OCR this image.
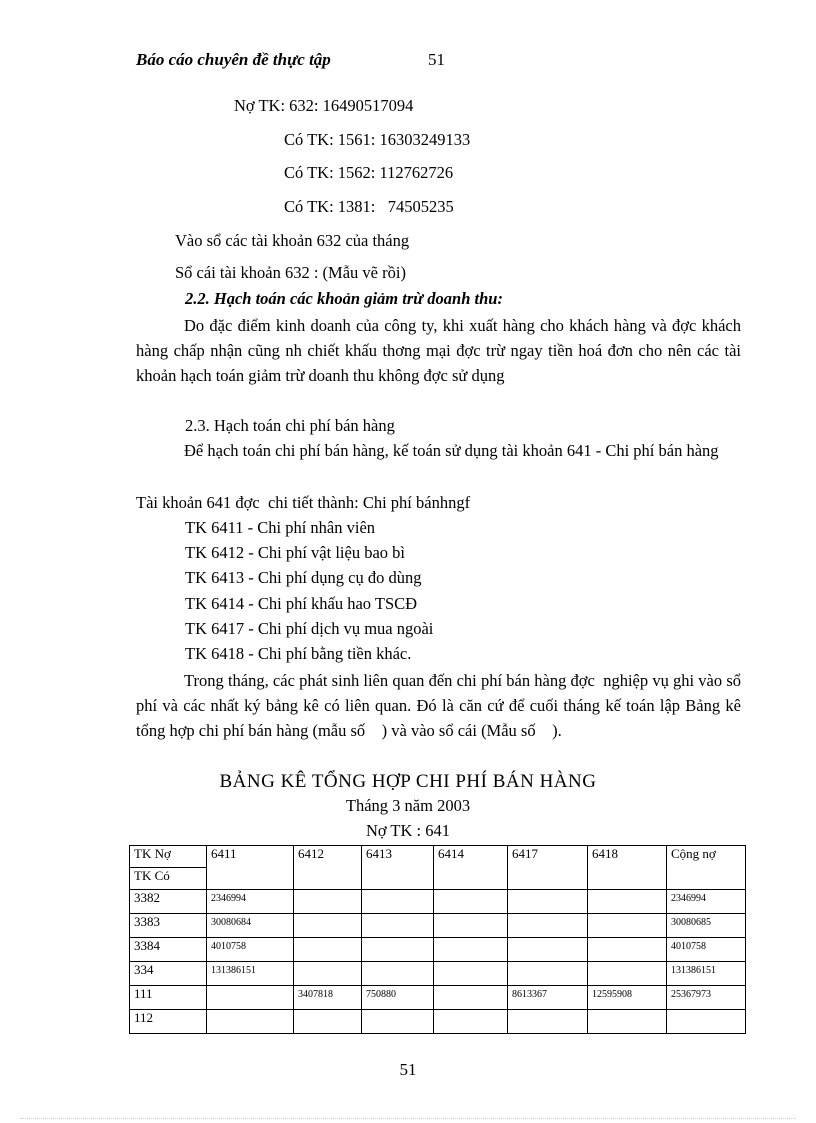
Báo cáo chuyên đề thực tập	51
Nợ TK: 632: 16490517094
Có TK: 1561: 16303249133
Có TK: 1562: 112762726
Có TK: 1381:   74505235
Vào sổ các tài khoản 632 của tháng
Sổ cái tài khoản 632 : (Mẫu vẽ rồi)
2.2. Hạch toán các khoản giảm trừ doanh thu:
Do đặc điểm kinh doanh của công ty, khi xuất hàng cho khách hàng và đợc khách hàng chấp nhận cũng nh chiết khấu thơng mại đợc trừ ngay tiền hoá đơn cho nên các tài khoản hạch toán giảm trừ doanh thu không đợc sử dụng
2.3. Hạch toán chi phí bán hàng
Để hạch toán chi phí bán hàng, kế toán sử dụng tài khoản 641 - Chi phí bán hàng
Tài khoản 641 đợc  chi tiết thành: Chi phí bánhngf
TK 6411 - Chi phí nhân viên
TK 6412 - Chi phí vật liệu bao bì
TK 6413 - Chi phí dụng cụ đo dùng
TK 6414 - Chi phí khấu hao TSCĐ
TK 6417 - Chi phí dịch vụ mua ngoài
TK 6418 - Chi phí bằng tiền khác.
Trong tháng, các phát sinh liên quan đến chi phí bán hàng đợc  nghiệp vụ ghi vào sổ phí và các nhất ký bảng kê có liên quan. Đó là căn cứ để cuối tháng kế toán lập Bảng kê tổng hợp chi phí bán hàng (mẫu số    ) và vào sổ cái (Mẫu số    ).
BẢNG KÊ TỔNG HỢP CHI PHÍ BÁN HÀNG
Tháng 3 năm 2003
Nợ TK : 641
TK Nợ	6411	6412	6413	6414	6417	6418	Cộng nợ
TK Có							
3382	2346994						2346994
3383	30080684						30080685
3384	4010758						4010758
334	131386151						131386151
111		3407818	750880		8613367	12595908	25367973
112							
51
